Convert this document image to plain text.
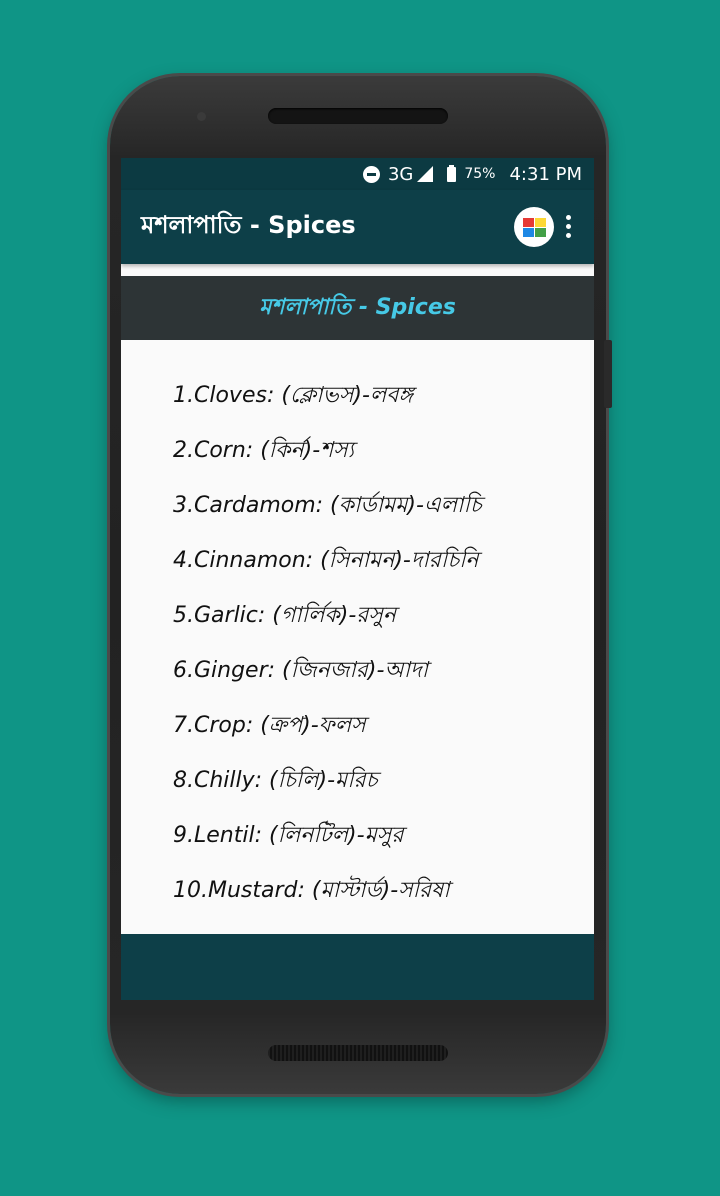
3G	75% 4:31 PM
মশলাপাতি - Spices
মশলাপাতি - Spices
1.Cloves: (ক্লোভস)-লবঙ্গ
2.Corn: (কির্ন)-শস্য
3.Cardamom: (কার্ডামম)-এলাচি
4.Cinnamon: (সিনামন)-দারচিনি
5.Garlic: (গার্লিক)-রসুন
6.Ginger: (জিনজার)-আদা
7.Crop: (ক্রপ)-ফলস
8.Chilly: (চিলি)-মরিচ
9.Lentil: (লিনটিল)-মসুর
10.Mustard: (মাস্টার্ড)-সরিষা
